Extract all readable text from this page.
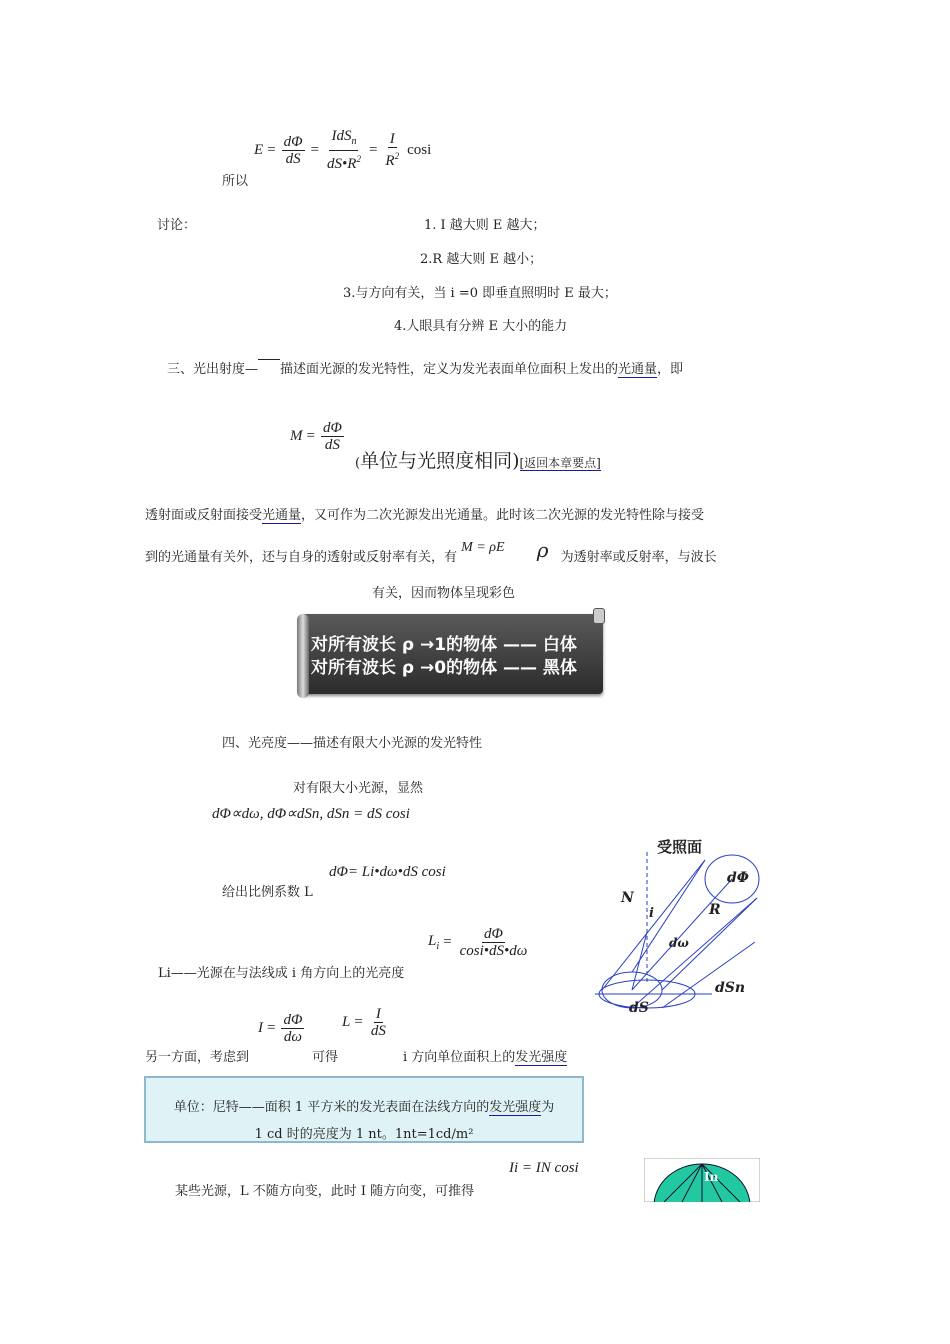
$E = \frac{d\Phi}{dS} = \frac{IdS_n}{dS•R^2} = \frac{I}{R^2}$ cosi
所以
讨论：	1. I 越大则 E 越大；
2.R 越大则 E 越小；
3.与方向有关，当 i =0 即垂直照明时 E 最大；
4.人眼具有分辨 E 大小的能力
三、光出射度— 描述面光源的发光特性，定义为发光表面单位面积上发出的光通量，即
$M = \frac{d\Phi}{dS}$
(单位与光照度相同)[返回本章要点]
透射面或反射面接受光通量，又可作为二次光源发出光通量。此时该二次光源的发光特性除与接受
到的光通量有关外，还与自身的透射或反射率有关，有 M = ρE ρ 为透射率或反射率，与波长
有关，因而物体呈现彩色
对所有波长 ρ →1的物体 —— 白体
对所有波长 ρ →0的物体 —— 黑体
四、光亮度——描述有限大小光源的发光特性
对有限大小光源，显然
dΦ∝dω, dΦ∝dSn, dSn = dS cosi
给出比例系数 L
dΦ= Li•dω•dS cosi
$L_i = \frac{d\Phi}{\cos i•dS•d\omega}$
Li——光源在与法线成 i 角方向上的光亮度
$I = \frac{d\Phi}{d\omega}$	$L = \frac{I}{dS}$
另一方面，考虑到	可得	i 方向单位面积上的发光强度
单位：尼特——面积 1 平方米的发光表面在法线方向的发光强度为
1 cd 时的亮度为 1 nt。1nt=1cd/m²
某些光源，L 不随方向变，此时 I 随方向变，可推得
Ii = IN cosi
受照面
N
i	R
dΦ
dω
dS
dSn
In
